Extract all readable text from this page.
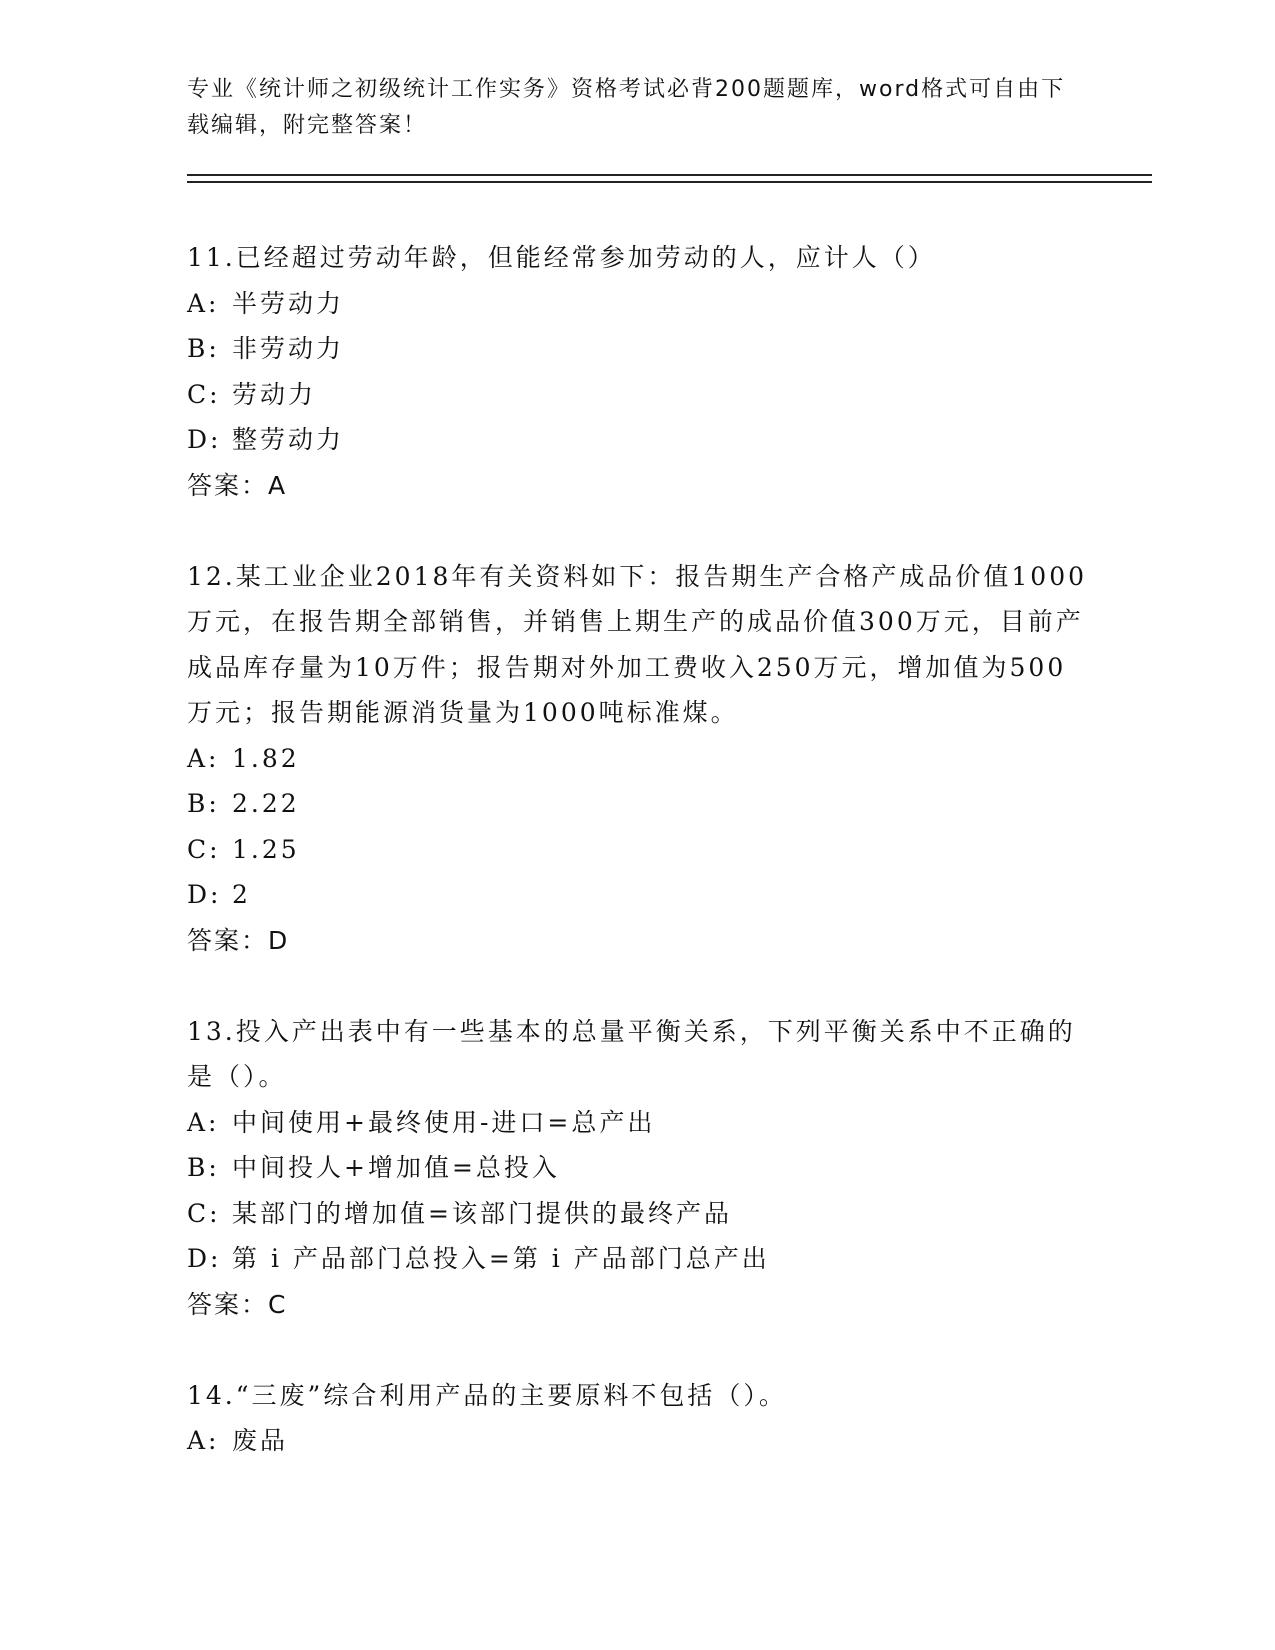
专业《统计师之初级统计工作实务》资格考试必背200题题库，word格式可自由下载编辑，附完整答案！

11.已经超过劳动年龄，但能经常参加劳动的人，应计人（）

A: 半劳动力
B: 非劳动力
C: 劳动力
D: 整劳动力

答案：A

12.某工业企业2018年有关资料如下：报告期生产合格产成品价值1000万元，在报告期全部销售，并销售上期生产的成品价值300万元，目前产成品库存量为10万件；报告期对外加工费收入250万元，增加值为500万元；报告期能源消货量为1000吨标准煤。

A: 1.82
B: 2.22
C: 1.25
D: 2

答案：D

13.投入产出表中有一些基本的总量平衡关系，下列平衡关系中不正确的是（）。

A: 中间使用+最终使用-进口=总产出
B: 中间投人+增加值=总投入
C: 某部门的增加值=该部门提供的最终产品
D: 第 i 产品部门总投入=第 i 产品部门总产出

答案：C

14.“三废”综合利用产品的主要原料不包括（）。

A: 废品
